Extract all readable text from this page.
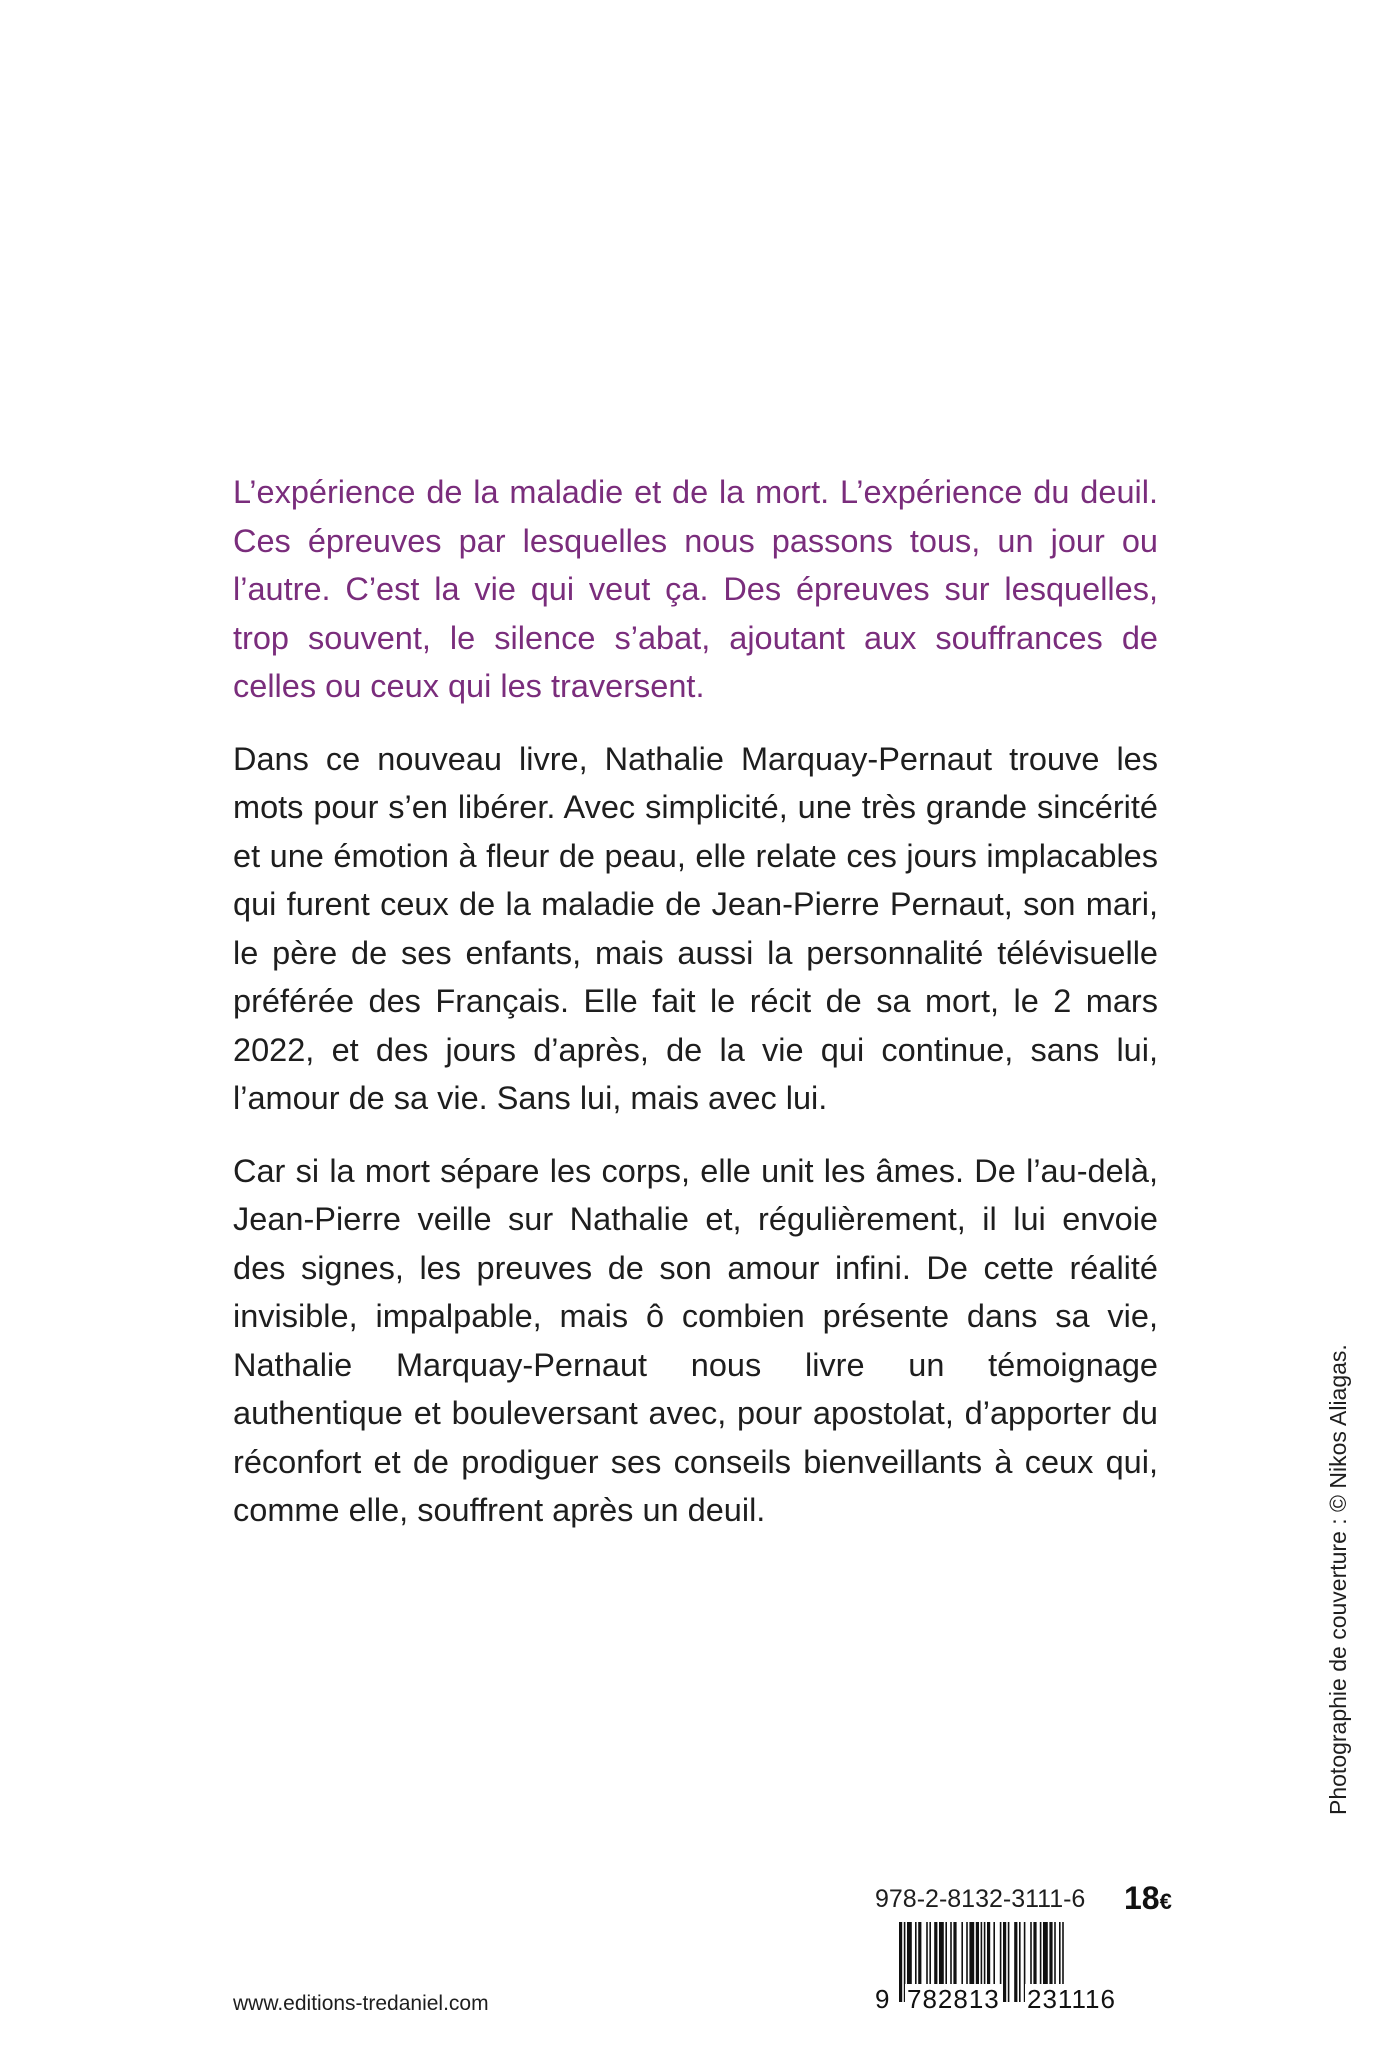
L’expérience de la maladie et de la mort. L’expérience du deuil. Ces épreuves par lesquelles nous passons tous, un jour ou l’autre. C’est la vie qui veut ça. Des épreuves sur lesquelles, trop souvent, le silence s’abat, ajoutant aux souffrances de celles ou ceux qui les traversent.

Dans ce nouveau livre, Nathalie Marquay-Pernaut trouve les mots pour s’en libérer. Avec simplicité, une très grande sincérité et une émotion à fleur de peau, elle relate ces jours implacables qui furent ceux de la maladie de Jean-Pierre Pernaut, son mari, le père de ses enfants, mais aussi la personnalité télévisuelle préférée des Français. Elle fait le récit de sa mort, le 2 mars 2022, et des jours d’après, de la vie qui continue, sans lui, l’amour de sa vie. Sans lui, mais avec lui.

Car si la mort sépare les corps, elle unit les âmes. De l’au-delà, Jean-Pierre veille sur Nathalie et, régulièrement, il lui envoie des signes, les preuves de son amour infini. De cette réalité invisible, impalpable, mais ô combien présente dans sa vie, Nathalie Marquay-Pernaut nous livre un témoignage authentique et bouleversant avec, pour apostolat, d’apporter du réconfort et de prodiguer ses conseils bienveillants à ceux qui, comme elle, souffrent après un deuil.	Photographie de couverture : © Nikos Aliagas.
978-2-8132-3111-6 18€
9 782813 231116
www.editions-tredaniel.com
